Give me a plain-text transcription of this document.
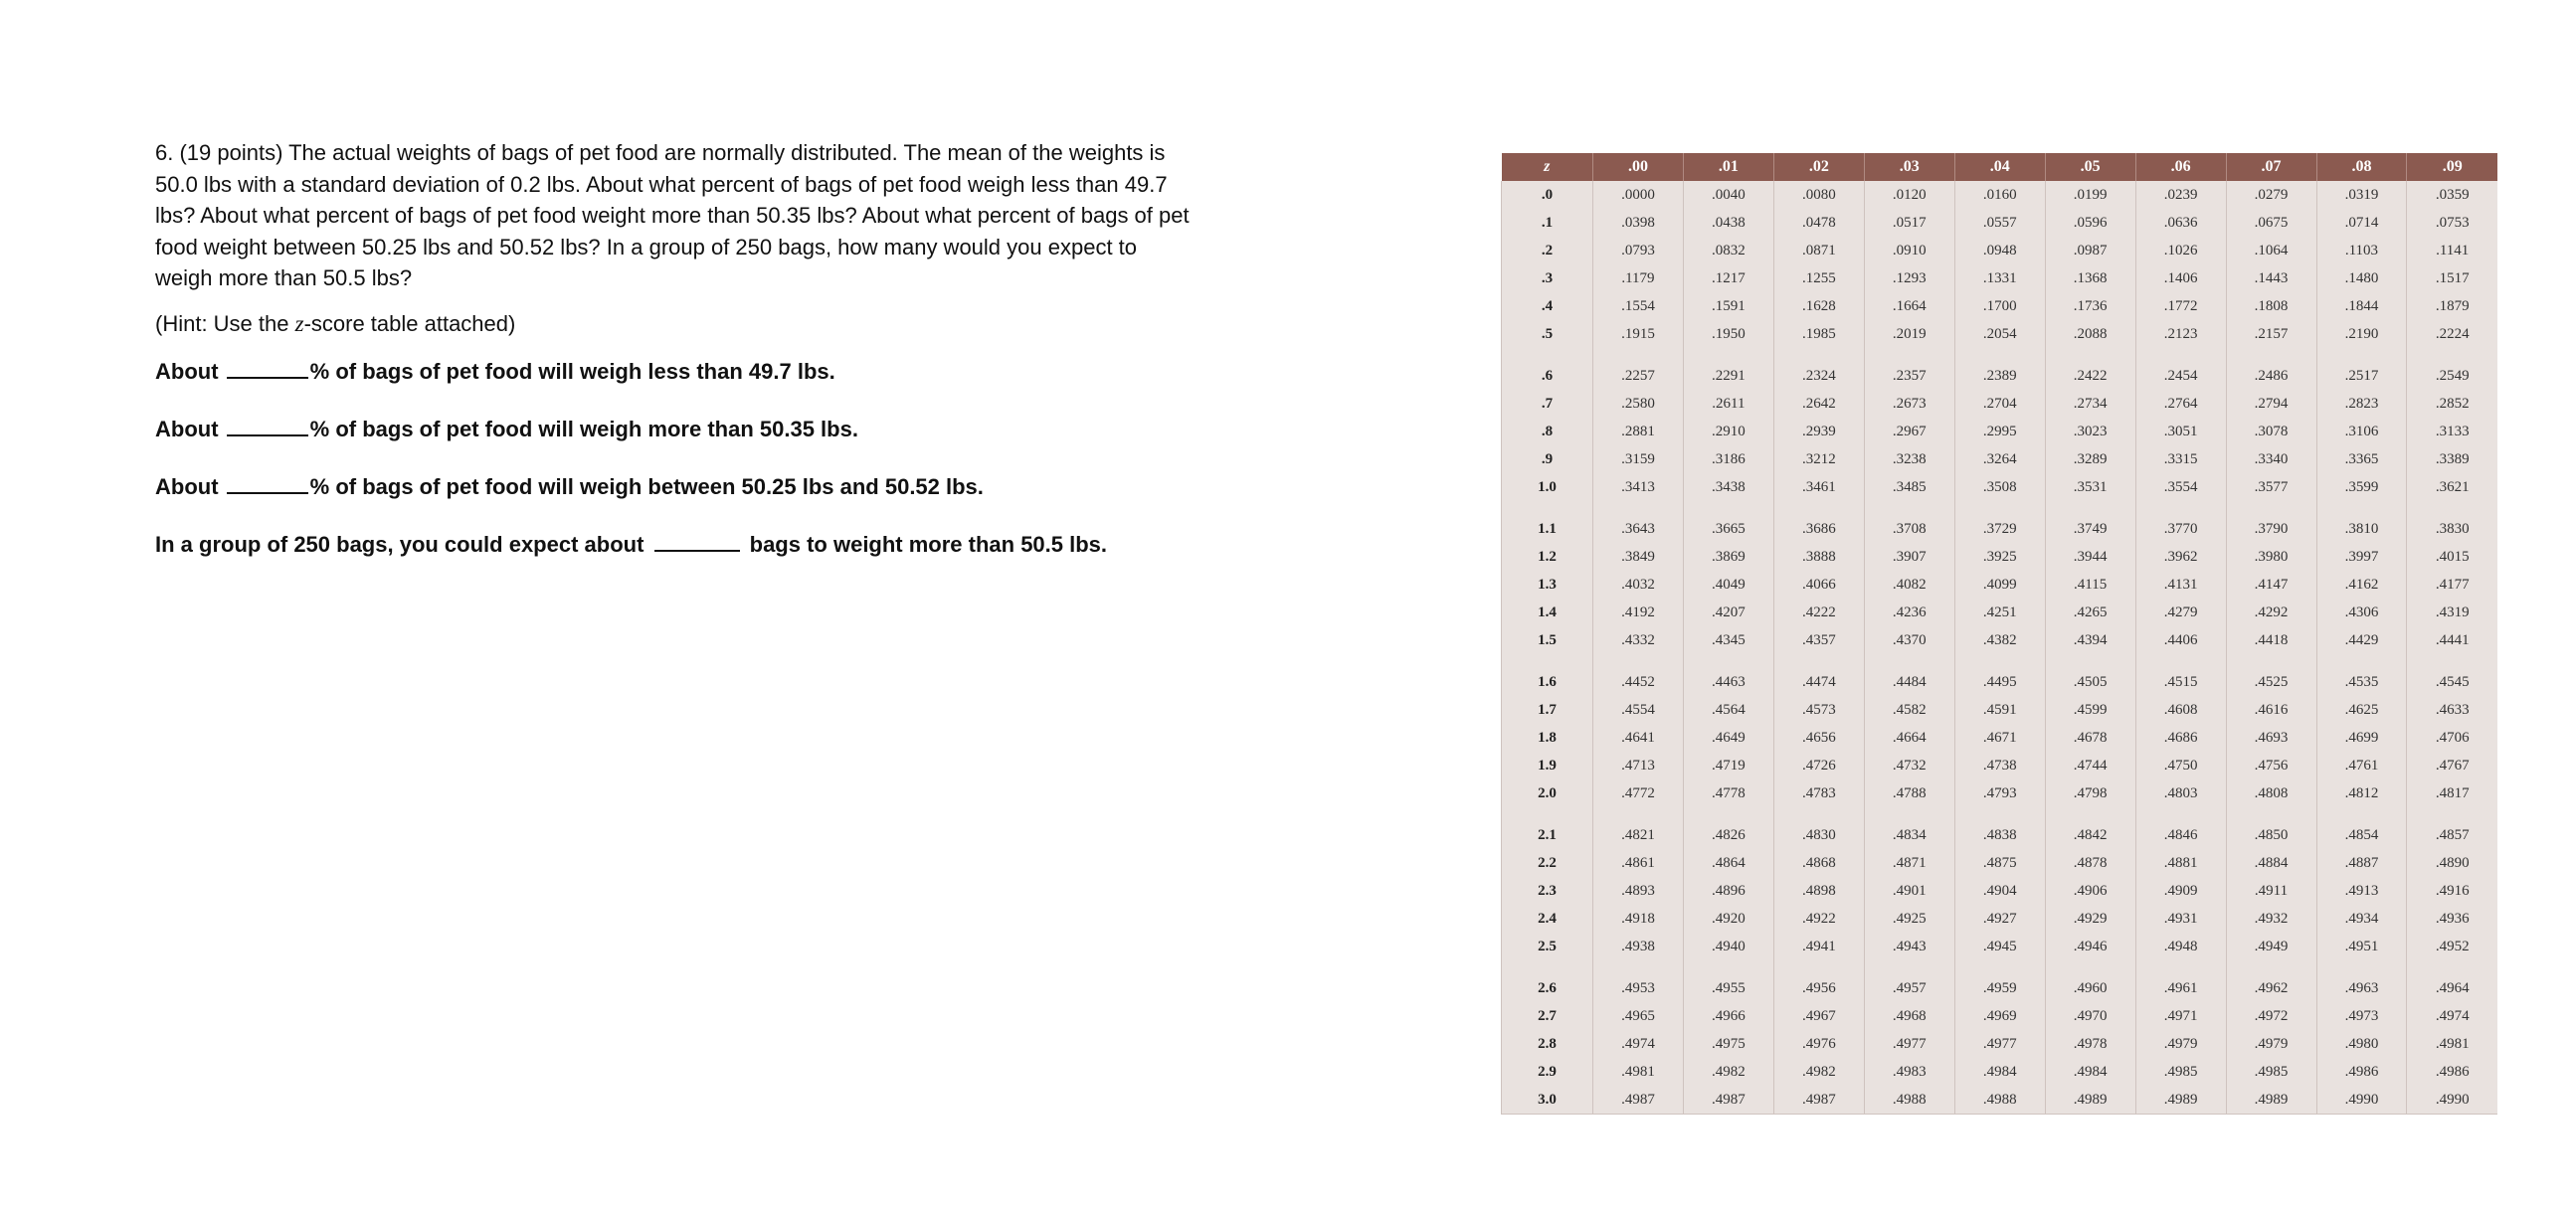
6. (19 points) The actual weights of bags of pet food are normally distributed. The mean of the weights is 50.0 lbs with a standard deviation of 0.2 lbs. About what percent of bags of pet food weigh less than 49.7 lbs? About what percent of bags of pet food weight more than 50.35 lbs? About what percent of bags of pet food weight between 50.25 lbs and 50.52 lbs? In a group of 250 bags, how many would you expect to weigh more than 50.5 lbs?

(Hint: Use the z-score table attached)
About	% of bags of pet food will weigh less than 49.7 lbs.
About	% of bags of pet food will weigh more than 50.35 lbs.
About	% of bags of pet food will weigh between 50.25 lbs and 50.52 lbs.
In a group of 250 bags, you could expect about	bags to weight more than 50.5 lbs.
z	.00	.01	.02	.03	.04	.05	.06	.07	.08	.09
.0	.0000	.0040	.0080	.0120	.0160	.0199	.0239	.0279	.0319	.0359
.1	.0398	.0438	.0478	.0517	.0557	.0596	.0636	.0675	.0714	.0753
.2	.0793	.0832	.0871	.0910	.0948	.0987	.1026	.1064	.1103	.1141
.3	.1179	.1217	.1255	.1293	.1331	.1368	.1406	.1443	.1480	.1517
.4	.1554	.1591	.1628	.1664	.1700	.1736	.1772	.1808	.1844	.1879
.5	.1915	.1950	.1985	.2019	.2054	.2088	.2123	.2157	.2190	.2224

.6	.2257	.2291	.2324	.2357	.2389	.2422	.2454	.2486	.2517	.2549
.7	.2580	.2611	.2642	.2673	.2704	.2734	.2764	.2794	.2823	.2852
.8	.2881	.2910	.2939	.2967	.2995	.3023	.3051	.3078	.3106	.3133
.9	.3159	.3186	.3212	.3238	.3264	.3289	.3315	.3340	.3365	.3389
1.0	.3413	.3438	.3461	.3485	.3508	.3531	.3554	.3577	.3599	.3621

1.1	.3643	.3665	.3686	.3708	.3729	.3749	.3770	.3790	.3810	.3830
1.2	.3849	.3869	.3888	.3907	.3925	.3944	.3962	.3980	.3997	.4015
1.3	.4032	.4049	.4066	.4082	.4099	.4115	.4131	.4147	.4162	.4177
1.4	.4192	.4207	.4222	.4236	.4251	.4265	.4279	.4292	.4306	.4319
1.5	.4332	.4345	.4357	.4370	.4382	.4394	.4406	.4418	.4429	.4441

1.6	.4452	.4463	.4474	.4484	.4495	.4505	.4515	.4525	.4535	.4545
1.7	.4554	.4564	.4573	.4582	.4591	.4599	.4608	.4616	.4625	.4633
1.8	.4641	.4649	.4656	.4664	.4671	.4678	.4686	.4693	.4699	.4706
1.9	.4713	.4719	.4726	.4732	.4738	.4744	.4750	.4756	.4761	.4767
2.0	.4772	.4778	.4783	.4788	.4793	.4798	.4803	.4808	.4812	.4817

2.1	.4821	.4826	.4830	.4834	.4838	.4842	.4846	.4850	.4854	.4857
2.2	.4861	.4864	.4868	.4871	.4875	.4878	.4881	.4884	.4887	.4890
2.3	.4893	.4896	.4898	.4901	.4904	.4906	.4909	.4911	.4913	.4916
2.4	.4918	.4920	.4922	.4925	.4927	.4929	.4931	.4932	.4934	.4936
2.5	.4938	.4940	.4941	.4943	.4945	.4946	.4948	.4949	.4951	.4952

2.6	.4953	.4955	.4956	.4957	.4959	.4960	.4961	.4962	.4963	.4964
2.7	.4965	.4966	.4967	.4968	.4969	.4970	.4971	.4972	.4973	.4974
2.8	.4974	.4975	.4976	.4977	.4977	.4978	.4979	.4979	.4980	.4981
2.9	.4981	.4982	.4982	.4983	.4984	.4984	.4985	.4985	.4986	.4986
3.0	.4987	.4987	.4987	.4988	.4988	.4989	.4989	.4989	.4990	.4990
